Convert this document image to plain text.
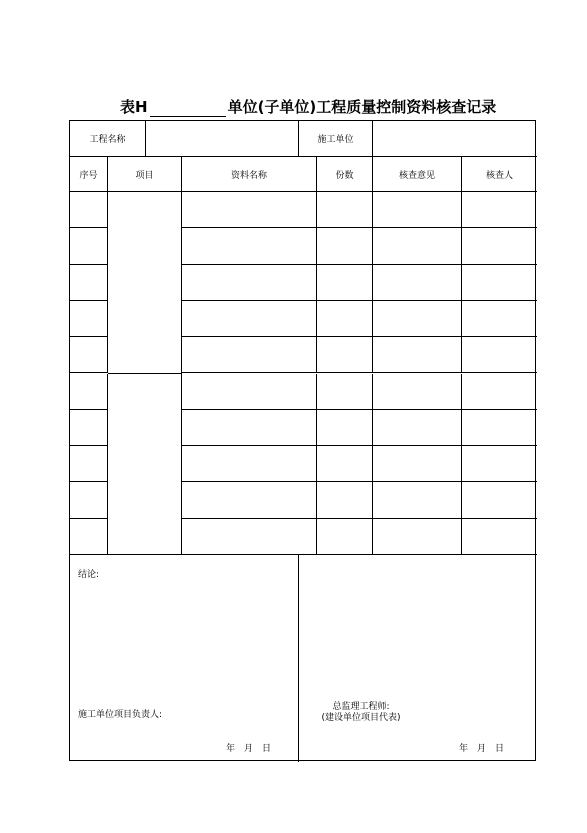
表H	单位(子单位)工程质量控制资料核查记录
工程名称	施工单位
序号	项目	资料名称	份数	核查意见	核查人
结论:
施工单位项目负责人:
年　月　日
总监理工程师:
(建设单位项目代表)
年　月　日
